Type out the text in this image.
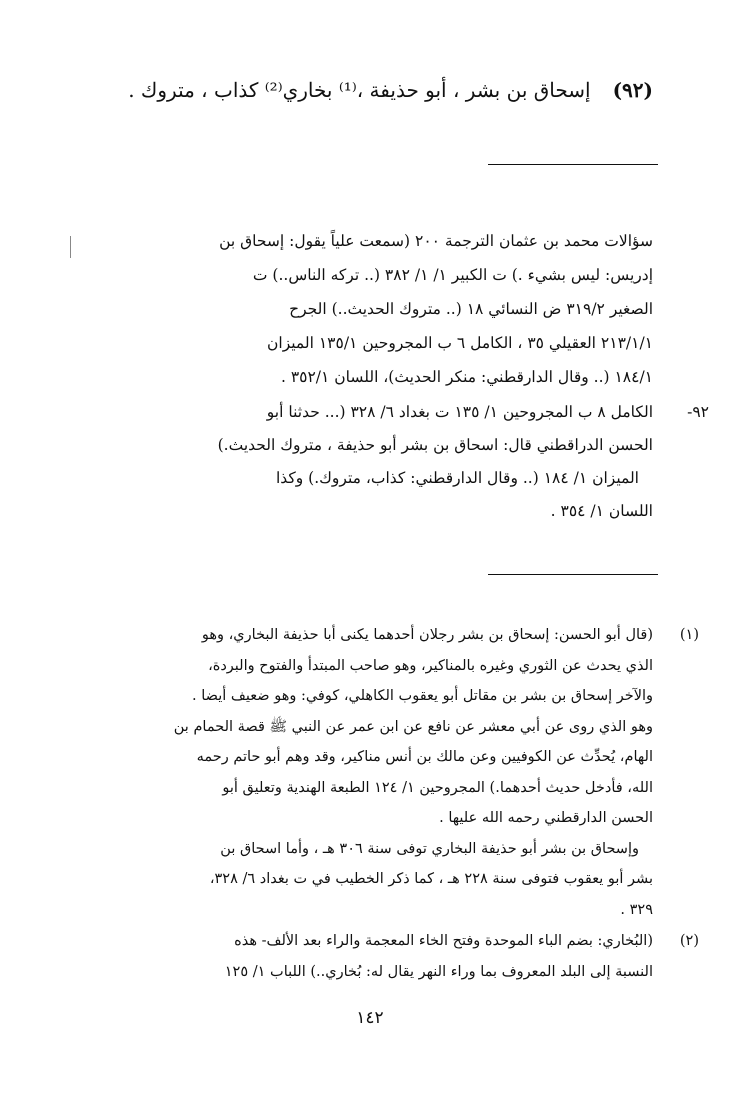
(٩٢)
إسحاق بن بشر ، أبو حذيفة ،⁽¹⁾ بخاري⁽²⁾ كذاب ، متروك .
سؤالات محمد بن عثمان الترجمة ٢٠٠ (سمعت علياً يقول: إسحاق بن
إدريس: ليس بشيء .) ت الكبير ١/ ١/ ٣٨٢ (.. تركه الناس..) ت
الصغير ٣١٩/٢ ض النسائي ١٨ (.. متروك الحديث..) الجرح
٢١٣/١/١ العقيلي ٣٥ ، الكامل ٦ ب المجروحين ١٣٥/١ الميزان
١٨٤/١ (.. وقال الدارقطني: منكر الحديث)، اللسان ٣٥٢/١ .
٩٢-
الكامل ٨ ب المجروحين ١/ ١٣٥ ت بغداد ٦/ ٣٢٨ (... حدثنا أبو
الحسن الدراقطني قال: اسحاق بن بشر أبو حذيفة ، متروك الحديث.)
الميزان ١/ ١٨٤ (.. وقال الدارقطني: كذاب، متروك.) وكذا
اللسان ١/ ٣٥٤ .
(١)
(قال أبو الحسن: إسحاق بن بشر رجلان أحدهما يكنى أبا حذيفة البخاري، وهو
الذي يحدث عن الثوري وغيره بالمناكير، وهو صاحب المبتدأ والفتوح والبردة،
والآخر إسحاق بن بشر بن مقاتل أبو يعقوب الكاهلي، كوفي: وهو ضعيف أيضا .
وهو الذي روى عن أبي معشر عن نافع عن ابن عمر عن النبي ﷺ قصة الحمام بن
الهام، يُحدِّث عن الكوفيين وعن مالك بن أنس مناكير، وقد وهم أبو حاتم رحمه
الله، فأدخل حديث أحدهما.) المجروحين ١/ ١٢٤ الطبعة الهندية وتعليق أبو
الحسن الدارقطني رحمه الله عليها .
وإسحاق بن بشر أبو حذيفة البخاري توفى سنة ٣٠٦ هـ ، وأما اسحاق بن
بشر أبو يعقوب فتوفى سنة ٢٢٨ هـ ، كما ذكر الخطيب في ت بغداد ٦/ ٣٢٨،
٣٢٩ .
(٢)
(البُخاري: بضم الباء الموحدة وفتح الخاء المعجمة والراء بعد الألف- هذه
النسبة إلى البلد المعروف بما وراء النهر يقال له: بُخاري..) اللباب ١/ ١٢٥
١٤٢
